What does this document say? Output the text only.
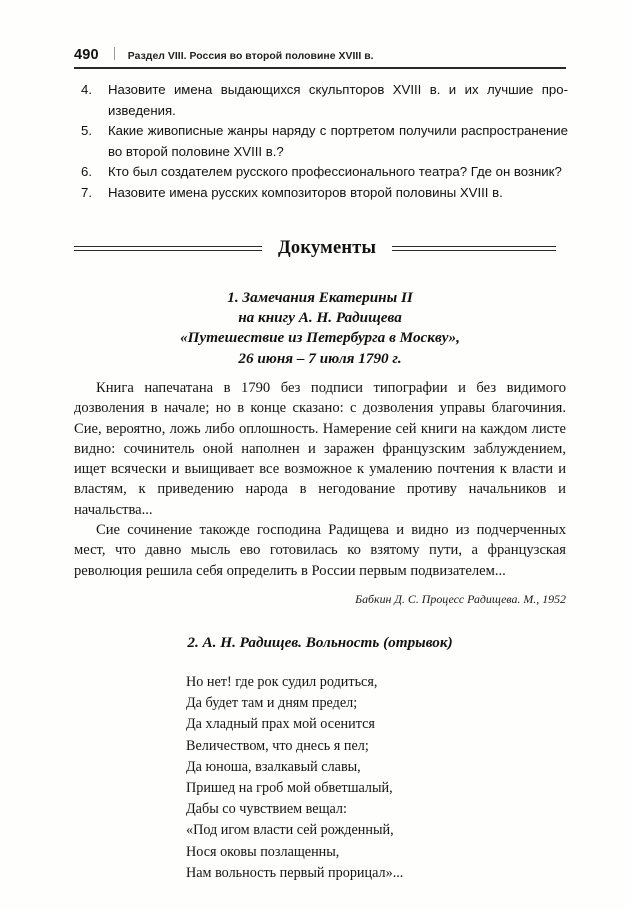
490	Раздел VIII. Россия во второй половине XVIII в.
4.	Назовите имена выдающихся скульпторов XVIII в. и их лучшие произведения.
5.	Какие живописные жанры наряду с портретом получили распространение во второй половине XVIII в.?
6.	Кто был создателем русского профессионального театра? Где он возник?
7.	Назовите имена русских композиторов второй половины XVIII в.
Документы
1. Замечания Екатерины II
на книгу А. Н. Радищева
«Путешествие из Петербурга в Москву»,
26 июня – 7 июля 1790 г.

Книга напечатана в 1790 без подписи типографии и без видимого дозволения в начале; но в конце сказано: с дозволения управы благочиния. Сие, вероятно, ложь либо оплошность. Намерение сей книги на каждом листе видно: сочинитель оной наполнен и заражен французским заблуждением, ищет всячески и выищивает все возможное к умалению почтения к власти и властям, к приведению народа в негодование противу начальников и начальства...

Сие сочинение такожде господина Радищева и видно из подчерченных мест, что давно мысль ево готовилась ко взятому пути, а французская революция решила себя определить в России первым подвизателем...

Бабкин Д. С. Процесс Радищева. М., 1952
2. А. Н. Радищев. Вольность (отрывок)
Но нет! где рок судил родиться,
Да будет там и дням предел;
Да хладный прах мой осенится
Величеством, что днесь я пел;
Да юноша, взалкавый славы,
Пришед на гроб мой обветшалый,
Дабы со чувствием вещал:
«Под игом власти сей рожденный,
Нося оковы позлащенны,
Нам вольность первый прорицал»...
